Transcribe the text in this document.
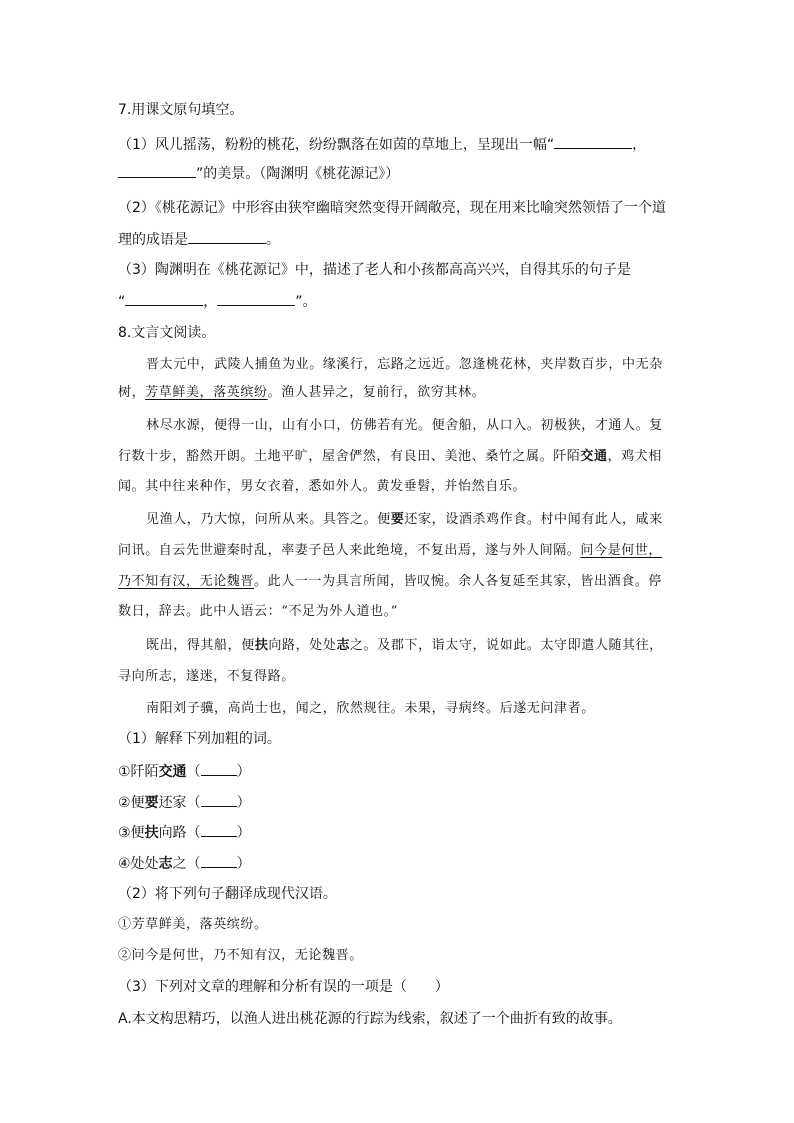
7.用课文原句填空。
（1）风儿摇荡，粉粉的桃花，纷纷飘落在如茵的草地上，呈现出一幅“	，
”的美景。（陶渊明《桃花源记》）
（2）《桃花源记》中形容由狭窄幽暗突然变得开阔敞亮，现在用来比喻突然领悟了一个道
理的成语是	。
（3）陶渊明在《桃花源记》中，描述了老人和小孩都高高兴兴，自得其乐的句子是
“	，	”。
8.文言文阅读。
晋太元中，武陵人捕鱼为业。缘溪行，忘路之远近。忽逢桃花林，夹岸数百步，中无杂
树，芳草鲜美，落英缤纷。渔人甚异之，复前行，欲穷其林。
林尽水源，便得一山，山有小口，仿佛若有光。便舍船，从口入。初极狭，才通人。复
行数十步，豁然开朗。土地平旷，屋舍俨然，有良田、美池、桑竹之属。阡陌交通，鸡犬相
闻。其中往来种作，男女衣着，悉如外人。黄发垂髫，并怡然自乐。
见渔人，乃大惊，问所从来。具答之。便要还家，设酒杀鸡作食。村中闻有此人，咸来
问讯。自云先世避秦时乱，率妻子邑人来此绝境，不复出焉，遂与外人间隔。问今是何世，
乃不知有汉，无论魏晋。此人一一为具言所闻，皆叹惋。余人各复延至其家，皆出酒食。停
数日，辞去。此中人语云：“不足为外人道也。”
既出，得其船，便扶向路，处处志之。及郡下，诣太守，说如此。太守即遣人随其往，
寻向所志，遂迷，不复得路。
南阳刘子骥，高尚士也，闻之，欣然规往。未果，寻病终。后遂无问津者。
（1）解释下列加粗的词。
①阡陌交通（	）
②便要还家（	）
③便扶向路（	）
④处处志之（	）
（2）将下列句子翻译成现代汉语。
①芳草鲜美，落英缤纷。
②问今是何世，乃不知有汉，无论魏晋。
（3）下列对文章的理解和分析有误的一项是（　　）
A.本文构思精巧，以渔人进出桃花源的行踪为线索，叙述了一个曲折有致的故事。
